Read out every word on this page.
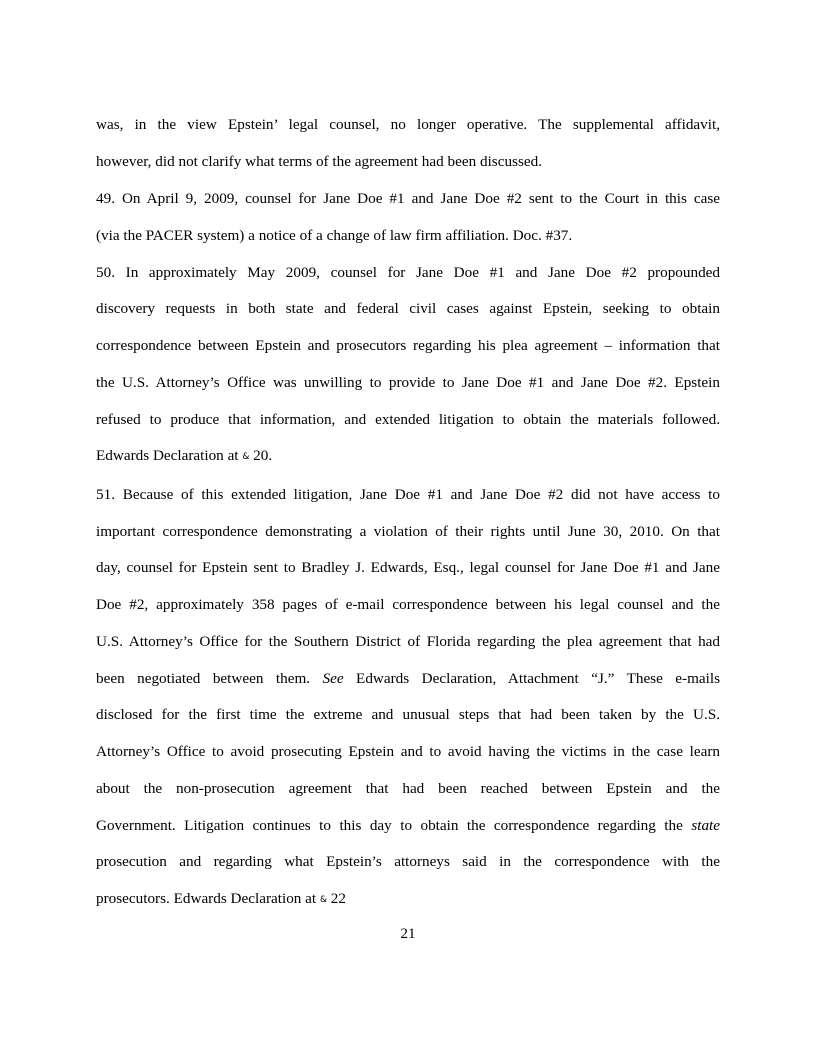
was, in the view Epstein’ legal counsel, no longer operative. The supplemental affidavit,
however, did not clarify what terms of the agreement had been discussed.
49. On April 9, 2009, counsel for Jane Doe #1 and Jane Doe #2 sent to the Court in this case
(via the PACER system) a notice of a change of law firm affiliation. Doc. #37.
50. In approximately May 2009, counsel for Jane Doe #1 and Jane Doe #2 propounded
discovery requests in both state and federal civil cases against Epstein, seeking to obtain
correspondence between Epstein and prosecutors regarding his plea agreement – information that
the U.S. Attorney’s Office was unwilling to provide to Jane Doe #1 and Jane Doe #2. Epstein
refused to produce that information, and extended litigation to obtain the materials followed.
Edwards Declaration at & 20.
51. Because of this extended litigation, Jane Doe #1 and Jane Doe #2 did not have access to
important correspondence demonstrating a violation of their rights until June 30, 2010. On that
day, counsel for Epstein sent to Bradley J. Edwards, Esq., legal counsel for Jane Doe #1 and Jane
Doe #2, approximately 358 pages of e-mail correspondence between his legal counsel and the
U.S. Attorney’s Office for the Southern District of Florida regarding the plea agreement that had
been negotiated between them. See Edwards Declaration, Attachment “J.” These e-mails
disclosed for the first time the extreme and unusual steps that had been taken by the U.S.
Attorney’s Office to avoid prosecuting Epstein and to avoid having the victims in the case learn
about the non-prosecution agreement that had been reached between Epstein and the
Government. Litigation continues to this day to obtain the correspondence regarding the state
prosecution and regarding what Epstein’s attorneys said in the correspondence with the
prosecutors. Edwards Declaration at & 22
21
